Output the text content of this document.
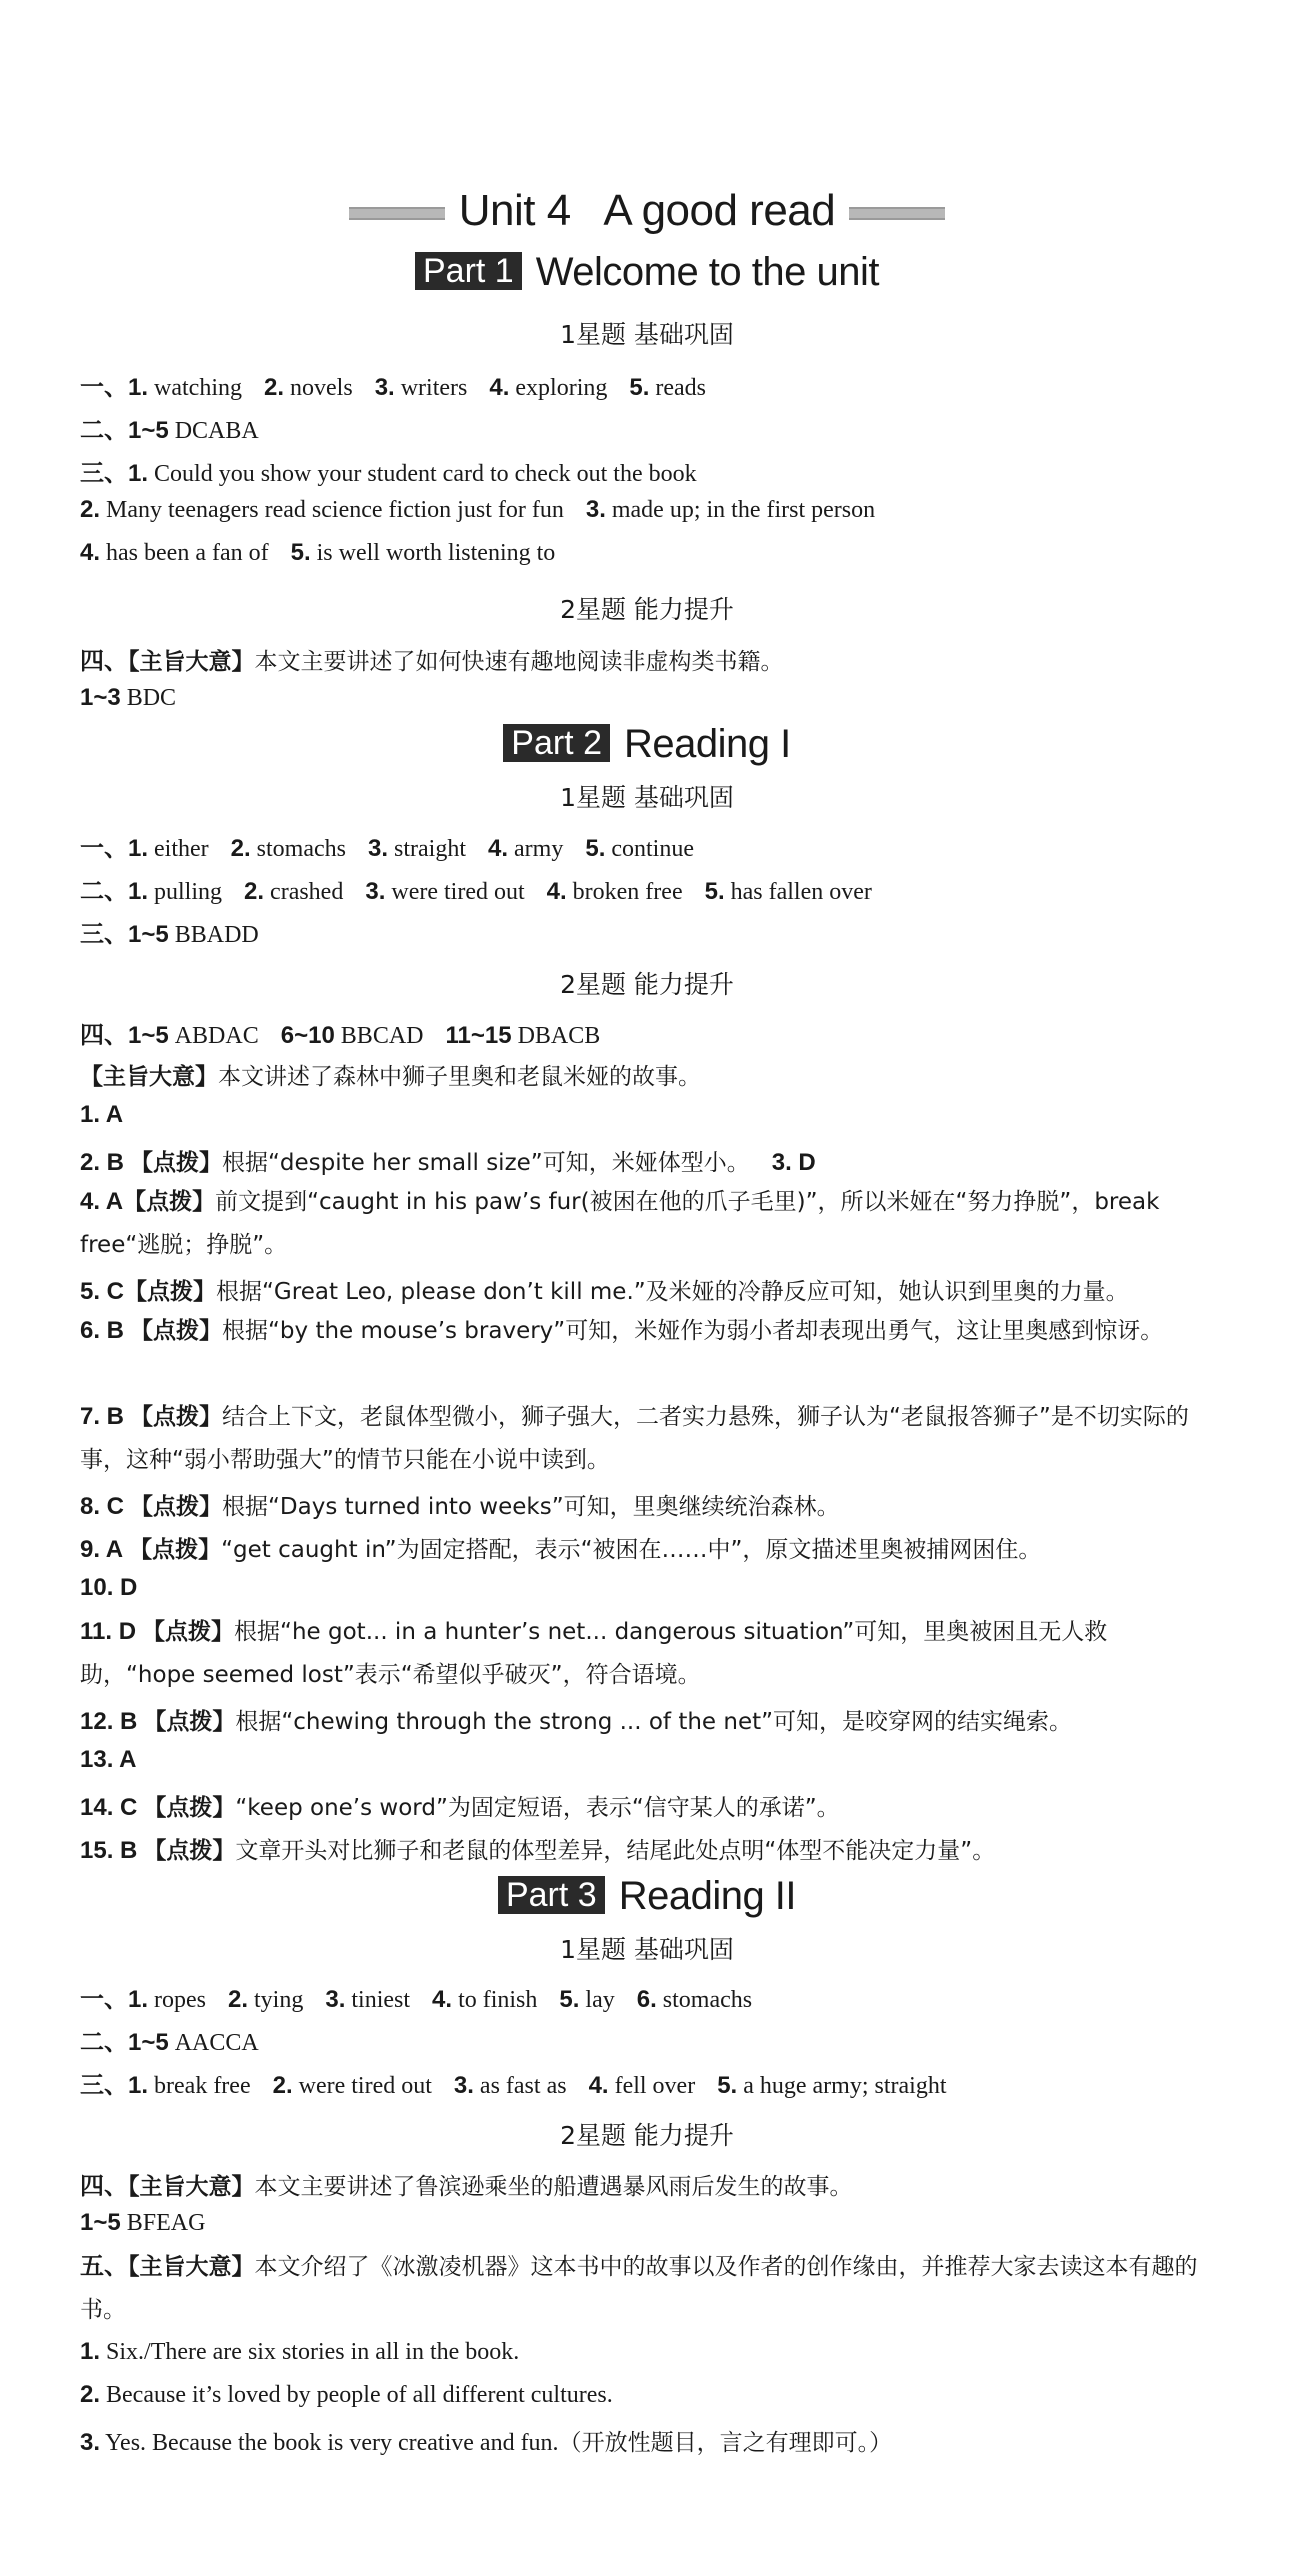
Unit 4   A good read
Part 1 Welcome to the unit
1星题 基础巩固
一、1. watching 2. novels 3. writers 4. exploring 5. reads
二、1~5 DCABA
三、1. Could you show your student card to check out the book
2. Many teenagers read science fiction just for fun 3. made up; in the first person
4. has been a fan of 5. is well worth listening to
2星题 能力提升
四、【主旨大意】本文主要讲述了如何快速有趣地阅读非虚构类书籍。
1~3 BDC
Part 2 Reading I
1星题 基础巩固
一、1. either 2. stomachs 3. straight 4. army 5. continue
二、1. pulling 2. crashed 3. were tired out 4. broken free 5. has fallen over
三、1~5 BBADD
2星题 能力提升
四、1~5 ABDAC 6~10 BBCAD 11~15 DBACB
【主旨大意】本文讲述了森林中狮子里奥和老鼠米娅的故事。
1. A
2. B 【点拨】根据“despite her small size”可知，米娅体型小。 3. D
4. A【点拨】前文提到“caught in his paw’s fur(被困在他的爪子毛里)”，所以米娅在“努力挣脱”，break free“逃脱；挣脱”。
5. C【点拨】根据“Great Leo, please don’t kill me.”及米娅的冷静反应可知，她认识到里奥的力量。
6. B 【点拨】根据“by the mouse’s bravery”可知，米娅作为弱小者却表现出勇气，这让里奥感到惊讶。
7. B 【点拨】结合上下文，老鼠体型微小，狮子强大，二者实力悬殊，狮子认为“老鼠报答狮子”是不切实际的事，这种“弱小帮助强大”的情节只能在小说中读到。
8. C 【点拨】根据“Days turned into weeks”可知，里奥继续统治森林。
9. A 【点拨】“get caught in”为固定搭配，表示“被困在……中”，原文描述里奥被捕网困住。
10. D
11. D 【点拨】根据“he got... in a hunter’s net... dangerous situation”可知，里奥被困且无人救助，“hope seemed lost”表示“希望似乎破灭”，符合语境。
12. B 【点拨】根据“chewing through the strong ... of the net”可知，是咬穿网的结实绳索。
13. A
14. C 【点拨】“keep one’s word”为固定短语，表示“信守某人的承诺”。
15. B 【点拨】文章开头对比狮子和老鼠的体型差异，结尾此处点明“体型不能决定力量”。
Part 3 Reading II
1星题 基础巩固
一、1. ropes 2. tying 3. tiniest 4. to finish 5. lay 6. stomachs
二、1~5 AACCA
三、1. break free 2. were tired out 3. as fast as 4. fell over 5. a huge army; straight
2星题 能力提升
四、【主旨大意】本文主要讲述了鲁滨逊乘坐的船遭遇暴风雨后发生的故事。
1~5 BFEAG
五、【主旨大意】本文介绍了《冰激凌机器》这本书中的故事以及作者的创作缘由，并推荐大家去读这本有趣的书。
1. Six./There are six stories in all in the book.
2. Because it’s loved by people of all different cultures.
3. Yes. Because the book is very creative and fun.（开放性题目，言之有理即可。）
